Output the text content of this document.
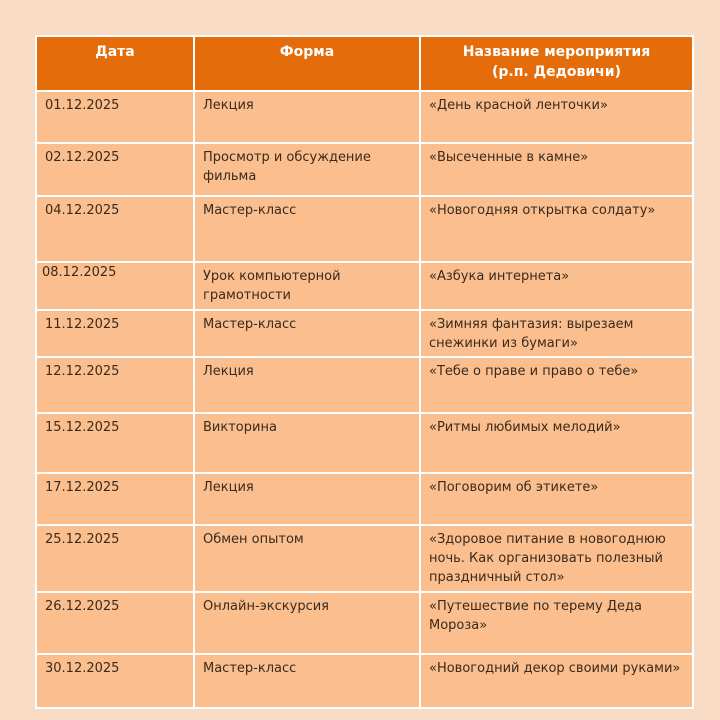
Дата	Форма	Название мероприятия
(р.п. Дедовичи)

01.12.2025	Лекция	«День красной ленточки»
02.12.2025	Просмотр и обсуждение фильма	«Высеченные в камне»
04.12.2025	Мастер-класс	«Новогодняя открытка солдату»
08.12.2025	Урок компьютерной грамотности	«Азбука интернета»
11.12.2025	Мастер-класс	«Зимняя фантазия: вырезаем снежинки из бумаги»
12.12.2025	Лекция	«Тебе о праве и право о тебе»
15.12.2025	Викторина	«Ритмы любимых мелодий»
17.12.2025	Лекция	«Поговорим об этикете»
25.12.2025	Обмен опытом	«Здоровое питание в новогоднюю ночь. Как организовать полезный праздничный стол»
26.12.2025	Онлайн-экскурсия	«Путешествие по терему Деда Мороза»
30.12.2025	Мастер-класс	«Новогодний декор своими руками»
